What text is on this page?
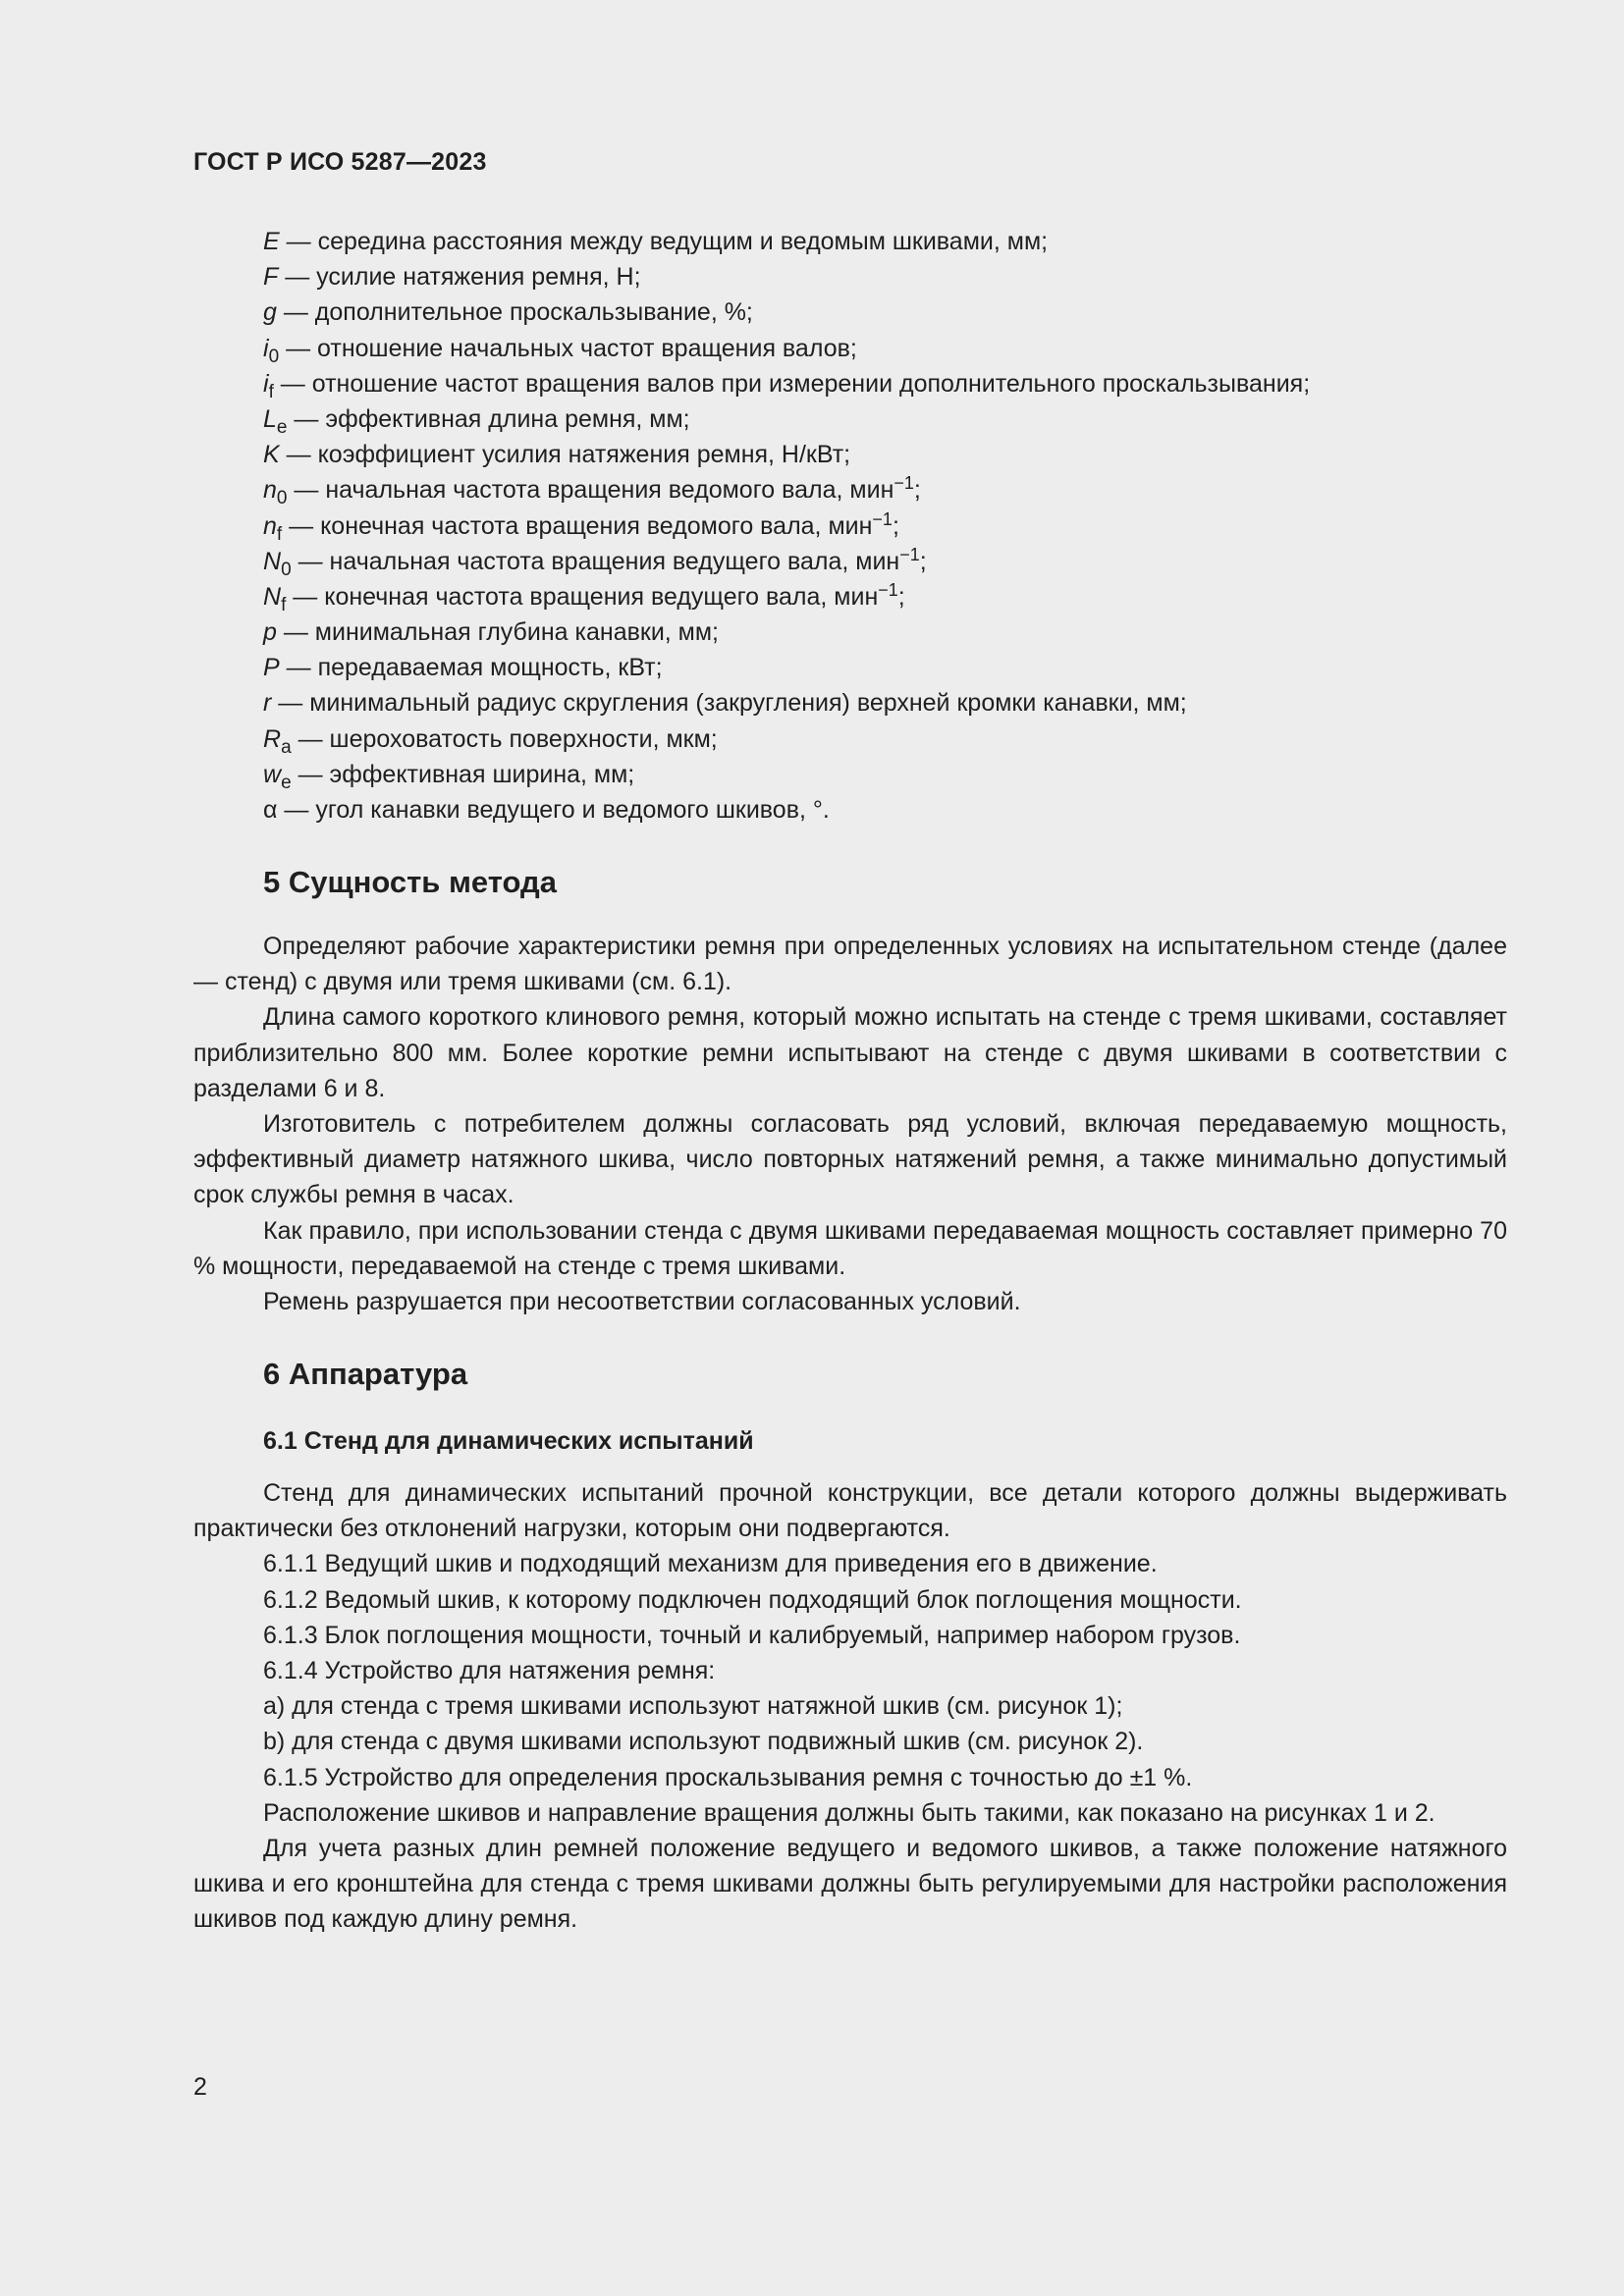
ГОСТ Р ИСО 5287—2023
E — середина расстояния между ведущим и ведомым шкивами, мм;
F — усилие натяжения ремня, Н;
g — дополнительное проскальзывание, %;
$i_0$ — отношение начальных частот вращения валов;
$i_f$ — отношение частот вращения валов при измерении дополнительного проскальзывания;
$L_e$ — эффективная длина ремня, мм;
K — коэффициент усилия натяжения ремня, Н/кВт;
$n_0$ — начальная частота вращения ведомого вала, мин$^{-1}$;
$n_f$ — конечная частота вращения ведомого вала, мин$^{-1}$;
$N_0$ — начальная частота вращения ведущего вала, мин$^{-1}$;
$N_f$ — конечная частота вращения ведущего вала, мин$^{-1}$;
p — минимальная глубина канавки, мм;
P — передаваемая мощность, кВт;
r — минимальный радиус скругления (закругления) верхней кромки канавки, мм;
$R_a$ — шероховатость поверхности, мкм;
$w_e$ — эффективная ширина, мм;
α — угол канавки ведущего и ведомого шкивов, °.
5 Сущность метода

Определяют рабочие характеристики ремня при определенных условиях на испытательном стенде (далее — стенд) с двумя или тремя шкивами (см. 6.1).

Длина самого короткого клинового ремня, который можно испытать на стенде с тремя шкивами, составляет приблизительно 800 мм. Более короткие ремни испытывают на стенде с двумя шкивами в соответствии с разделами 6 и 8.

Изготовитель с потребителем должны согласовать ряд условий, включая передаваемую мощность, эффективный диаметр натяжного шкива, число повторных натяжений ремня, а также минимально допустимый срок службы ремня в часах.

Как правило, при использовании стенда с двумя шкивами передаваемая мощность составляет примерно 70 % мощности, передаваемой на стенде с тремя шкивами.

Ремень разрушается при несоответствии согласованных условий.

6 Аппаратура
6.1 Стенд для динамических испытаний

Стенд для динамических испытаний прочной конструкции, все детали которого должны выдерживать практически без отклонений нагрузки, которым они подвергаются.

6.1.1 Ведущий шкив и подходящий механизм для приведения его в движение.

6.1.2 Ведомый шкив, к которому подключен подходящий блок поглощения мощности.

6.1.3 Блок поглощения мощности, точный и калибруемый, например набором грузов.

6.1.4 Устройство для натяжения ремня:

a) для стенда с тремя шкивами используют натяжной шкив (см. рисунок 1);

b) для стенда с двумя шкивами используют подвижный шкив (см. рисунок 2).

6.1.5 Устройство для определения проскальзывания ремня с точностью до ±1 %.

Расположение шкивов и направление вращения должны быть такими, как показано на рисунках 1 и 2.

Для учета разных длин ремней положение ведущего и ведомого шкивов, а также положение натяжного шкива и его кронштейна для стенда с тремя шкивами должны быть регулируемыми для настройки расположения шкивов под каждую длину ремня.

2
